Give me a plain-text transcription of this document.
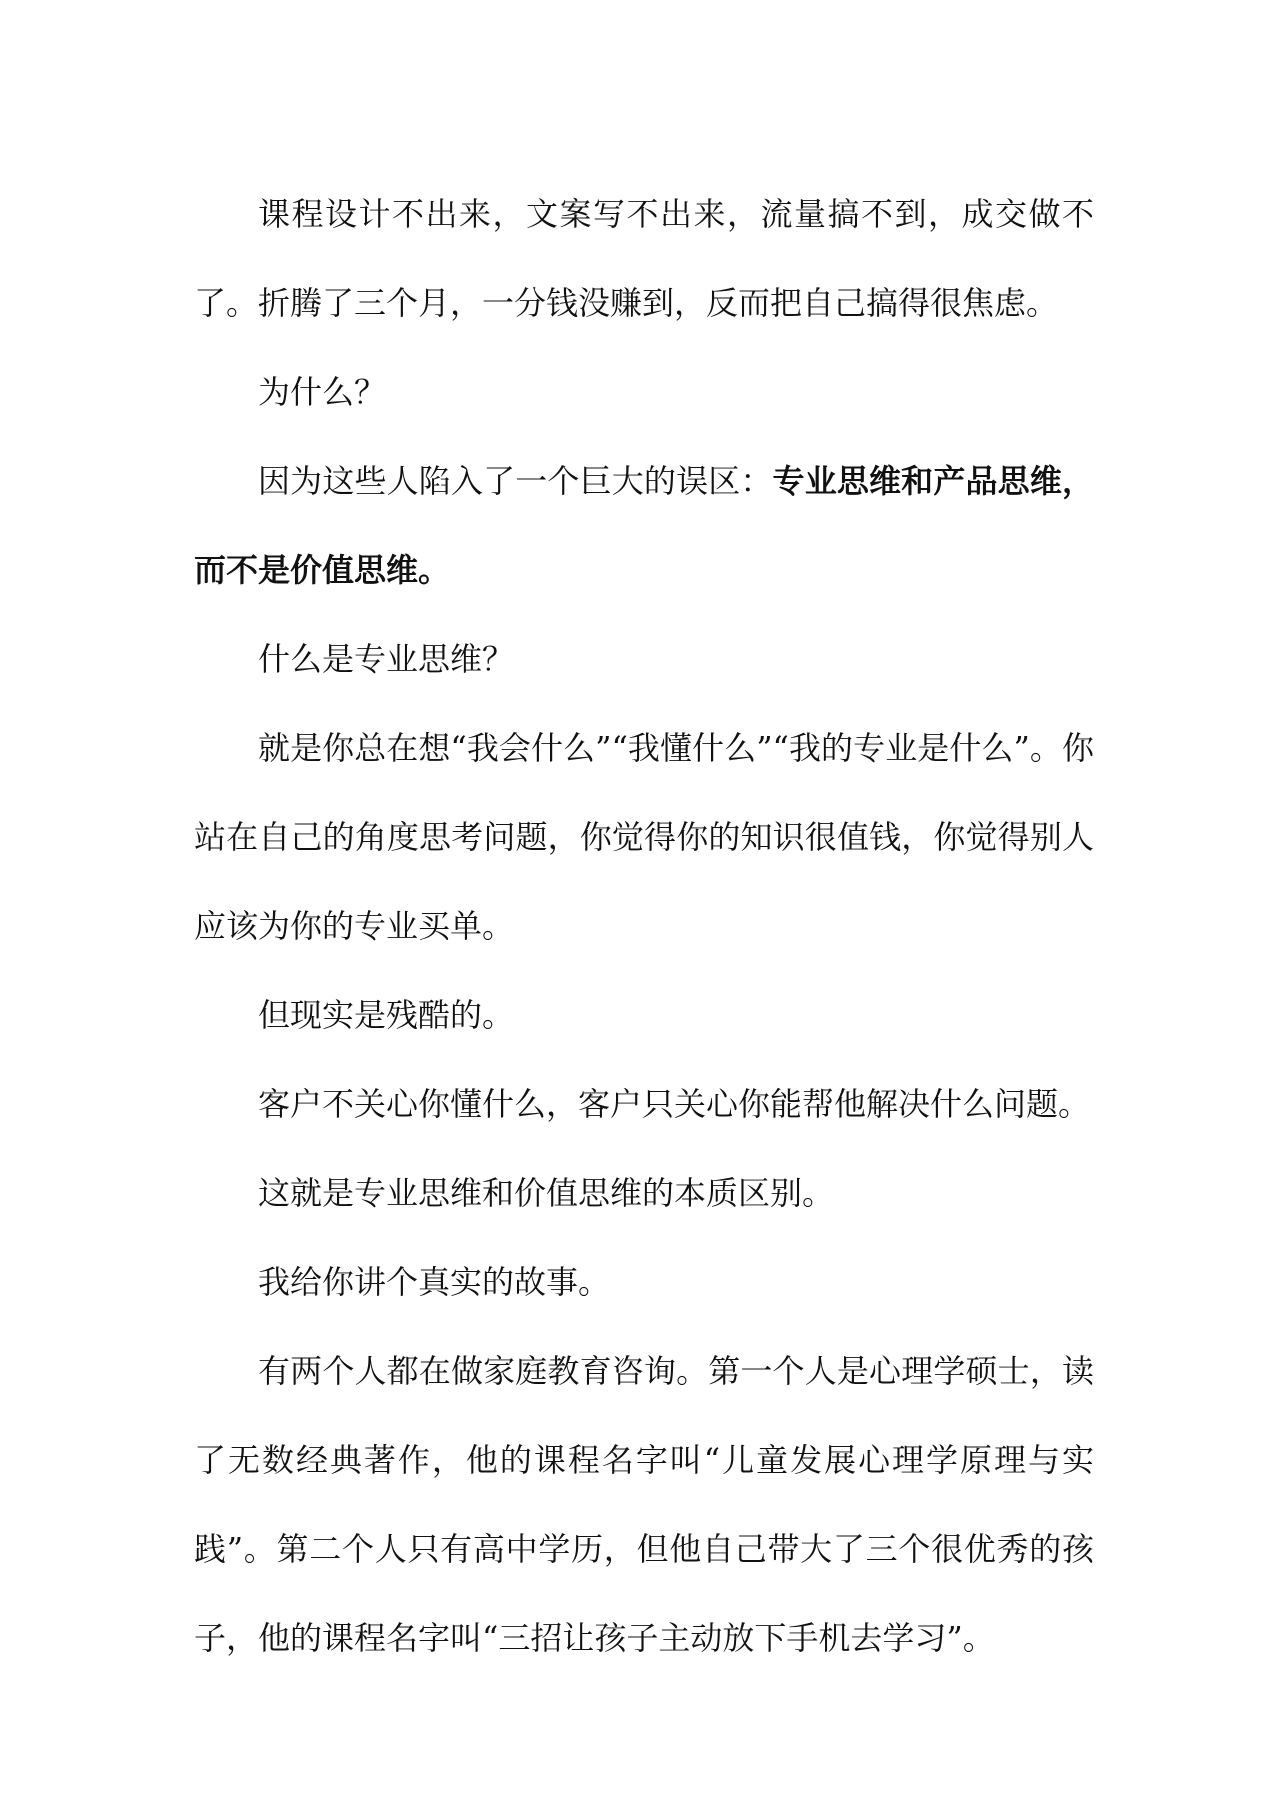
课程设计不出来，文案写不出来，流量搞不到，成交做不了。折腾了三个月，一分钱没赚到，反而把自己搞得很焦虑。

为什么？

因为这些人陷入了一个巨大的误区：专业思维和产品思维，而不是价值思维。

什么是专业思维？

就是你总在想“我会什么”“我懂什么”“我的专业是什么”。你站在自己的角度思考问题，你觉得你的知识很值钱，你觉得别人应该为你的专业买单。

但现实是残酷的。

客户不关心你懂什么，客户只关心你能帮他解决什么问题。

这就是专业思维和价值思维的本质区别。

我给你讲个真实的故事。

有两个人都在做家庭教育咨询。第一个人是心理学硕士，读了无数经典著作，他的课程名字叫“儿童发展心理学原理与实践”。第二个人只有高中学历，但他自己带大了三个很优秀的孩子，他的课程名字叫“三招让孩子主动放下手机去学习”。
